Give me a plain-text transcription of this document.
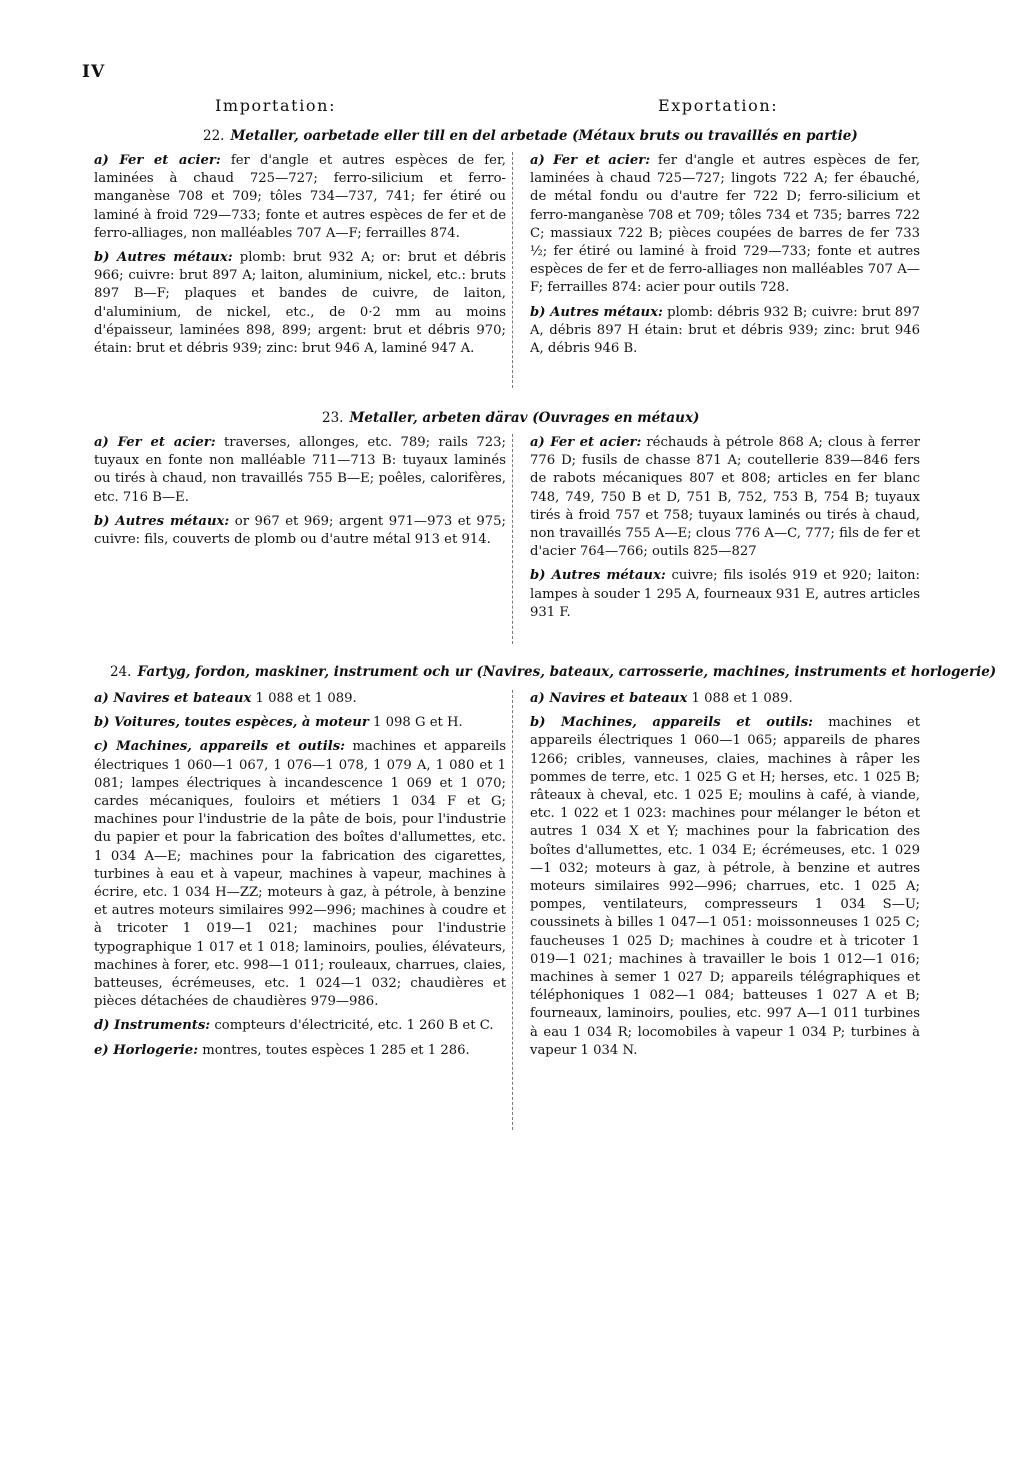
IV
Importation:	Exportation:
22. Metaller, oarbetade eller till en del arbetade (Métaux bruts ou travaillés en partie)

a) Fer et acier: fer d'angle et autres espèces de fer, laminées à chaud 725—727; ferro-silicium et ferro-manganèse 708 et 709; tôles 734—737, 741; fer étiré ou laminé à froid 729—733; fonte et autres espèces de fer et de ferro-alliages, non malléables 707 A—F; ferrailles 874.

b) Autres métaux: plomb: brut 932 A; or: brut et débris 966; cuivre: brut 897 A; laiton, aluminium, nickel, etc.: bruts 897 B—F; plaques et bandes de cuivre, de laiton, d'aluminium, de nickel, etc., de 0·2 mm au moins d'épaisseur, laminées 898, 899; argent: brut et débris 970; étain: brut et débris 939; zinc: brut 946 A, laminé 947 A.

a) Fer et acier: fer d'angle et autres espèces de fer, laminées à chaud 725—727; lingots 722 A; fer ébauché, de métal fondu ou d'autre fer 722 D; ferro-silicium et ferro-manganèse 708 et 709; tôles 734 et 735; barres 722 C; massiaux 722 B; pièces coupées de barres de fer 733 ½; fer étiré ou laminé à froid 729—733; fonte et autres espèces de fer et de ferro-alliages non malléables 707 A—F; ferrailles 874: acier pour outils 728.

b) Autres métaux: plomb: débris 932 B; cuivre: brut 897 A, débris 897 H étain: brut et débris 939; zinc: brut 946 A, débris 946 B.

23. Metaller, arbeten därav (Ouvrages en métaux)

a) Fer et acier: traverses, allonges, etc. 789; rails 723; tuyaux en fonte non malléable 711—713 B: tuyaux laminés ou tirés à chaud, non travaillés 755 B—E; poêles, calorifères, etc. 716 B—E.

b) Autres métaux: or 967 et 969; argent 971—973 et 975; cuivre: fils, couverts de plomb ou d'autre métal 913 et 914.

a) Fer et acier: réchauds à pétrole 868 A; clous à ferrer 776 D; fusils de chasse 871 A; coutellerie 839—846 fers de rabots mécaniques 807 et 808; articles en fer blanc 748, 749, 750 B et D, 751 B, 752, 753 B, 754 B; tuyaux tirés à froid 757 et 758; tuyaux laminés ou tirés à chaud, non travaillés 755 A—E; clous 776 A—C, 777; fils de fer et d'acier 764—766; outils 825—827

b) Autres métaux: cuivre; fils isolés 919 et 920; laiton: lampes à souder 1 295 A, fourneaux 931 E, autres articles 931 F.

24. Fartyg, fordon, maskiner, instrument och ur (Navires, bateaux, carrosserie, machines, instruments et horlogerie)

a) Navires et bateaux 1 088 et 1 089.

b) Voitures, toutes espèces, à moteur 1 098 G et H.

c) Machines, appareils et outils: machines et appareils électriques 1 060—1 067, 1 076—1 078, 1 079 A, 1 080 et 1 081; lampes électriques à incandescence 1 069 et 1 070; cardes mécaniques, fouloirs et métiers 1 034 F et G; machines pour l'industrie de la pâte de bois, pour l'industrie du papier et pour la fabrication des boîtes d'allumettes, etc. 1 034 A—E; machines pour la fabrication des cigarettes, turbines à eau et à vapeur, machines à vapeur, machines à écrire, etc. 1 034 H—ZZ; moteurs à gaz, à pétrole, à benzine et autres moteurs similaires 992—996; machines à coudre et à tricoter 1 019—1 021; machines pour l'industrie typographique 1 017 et 1 018; laminoirs, poulies, élévateurs, machines à forer, etc. 998—1 011; rouleaux, charrues, claies, batteuses, écrémeuses, etc. 1 024—1 032; chaudières et pièces détachées de chaudières 979—986.

d) Instruments: compteurs d'électricité, etc. 1 260 B et C.

e) Horlogerie: montres, toutes espèces 1 285 et 1 286.

a) Navires et bateaux 1 088 et 1 089.

b) Machines, appareils et outils: machines et appareils électriques 1 060—1 065; appareils de phares 1266; cribles, vanneuses, claies, machines à râper les pommes de terre, etc. 1 025 G et H; herses, etc. 1 025 B; râteaux à cheval, etc. 1 025 E; moulins à café, à viande, etc. 1 022 et 1 023: machines pour mélanger le béton et autres 1 034 X et Y; machines pour la fabrication des boîtes d'allumettes, etc. 1 034 E; écrémeuses, etc. 1 029—1 032; moteurs à gaz, à pétrole, à benzine et autres moteurs similaires 992—996; charrues, etc. 1 025 A; pompes, ventilateurs, compresseurs 1 034 S—U; coussinets à billes 1 047—1 051: moissonneuses 1 025 C; faucheuses 1 025 D; machines à coudre et à tricoter 1 019—1 021; machines à travailler le bois 1 012—1 016; machines à semer 1 027 D; appareils télégraphiques et téléphoniques 1 082—1 084; batteuses 1 027 A et B; fourneaux, laminoirs, poulies, etc. 997 A—1 011 turbines à eau 1 034 R; locomobiles à vapeur 1 034 P; turbines à vapeur 1 034 N.
